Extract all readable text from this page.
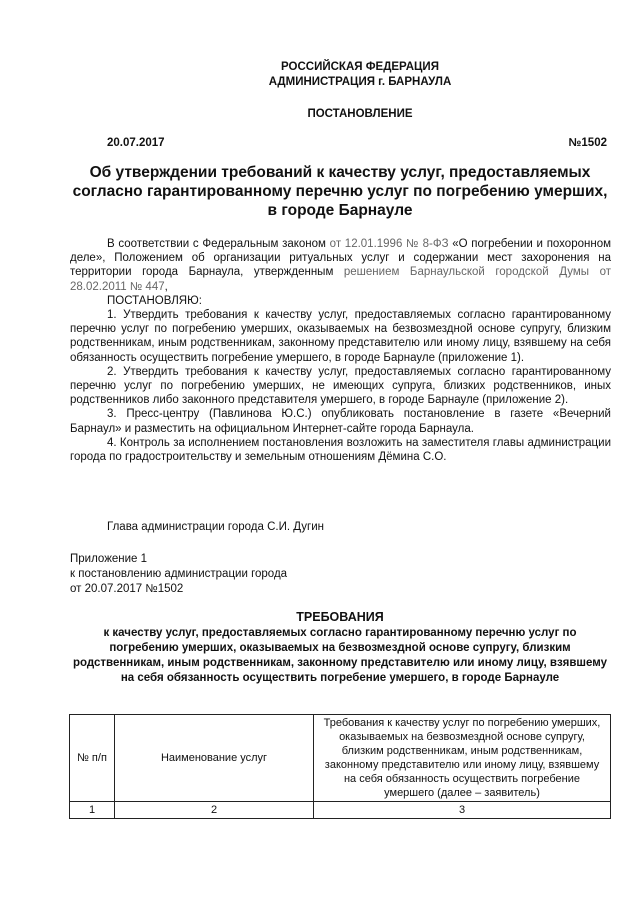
РОССИЙСКАЯ ФЕДЕРАЦИЯ
АДМИНИСТРАЦИЯ г. БАРНАУЛА
ПОСТАНОВЛЕНИЕ
20.07.2017	№1502
Об утверждении требований к качеству услуг, предоставляемых согласно гарантированному перечню услуг по погребению умерших, в городе Барнауле

В соответствии с Федеральным законом от 12.01.1996 № 8-ФЗ «О погребении и похоронном деле», Положением об организации ритуальных услуг и содержании мест захоронения на территории города Барнаула, утвержденным решением Барнаульской городской Думы от 28.02.2011 № 447,

ПОСТАНОВЛЯЮ:

1. Утвердить требования к качеству услуг, предоставляемых согласно гарантированному перечню услуг по погребению умерших, оказываемых на безвозмездной основе супругу, близким родственникам, иным родственникам, законному представителю или иному лицу, взявшему на себя обязанность осуществить погребение умершего, в городе Барнауле (приложение 1).

2. Утвердить требования к качеству услуг, предоставляемых согласно гарантированному перечню услуг по погребению умерших, не имеющих супруга, близких родственников, иных родственников либо законного представителя умершего, в городе Барнауле (приложение 2).

3. Пресс-центру (Павлинова Ю.С.) опубликовать постановление в газете «Вечерний Барнаул» и разместить на официальном Интернет-сайте города Барнаула.

4. Контроль за исполнением постановления возложить на заместителя главы администрации города по градостроительству и земельным отношениям Дёмина С.О.

Глава администрации города С.И. Дугин
Приложение 1
к постановлению администрации города
от 20.07.2017 №1502
ТРЕБОВАНИЯ
к качеству услуг, предоставляемых согласно гарантированному перечню услуг по погребению умерших, оказываемых на безвозмездной основе супругу, близким родственникам, иным родственникам, законному представителю или иному лицу, взявшему на себя обязанность осуществить погребение умершего, в городе Барнауле
№ п/п	Наименование услуг	Требования к качеству услуг по погребению умерших, оказываемых на безвозмездной основе супругу, близким родственникам, иным родственникам, законному представителю или иному лицу, взявшему на себя обязанность осуществить погребение умершего (далее – заявитель)
1	2	3
